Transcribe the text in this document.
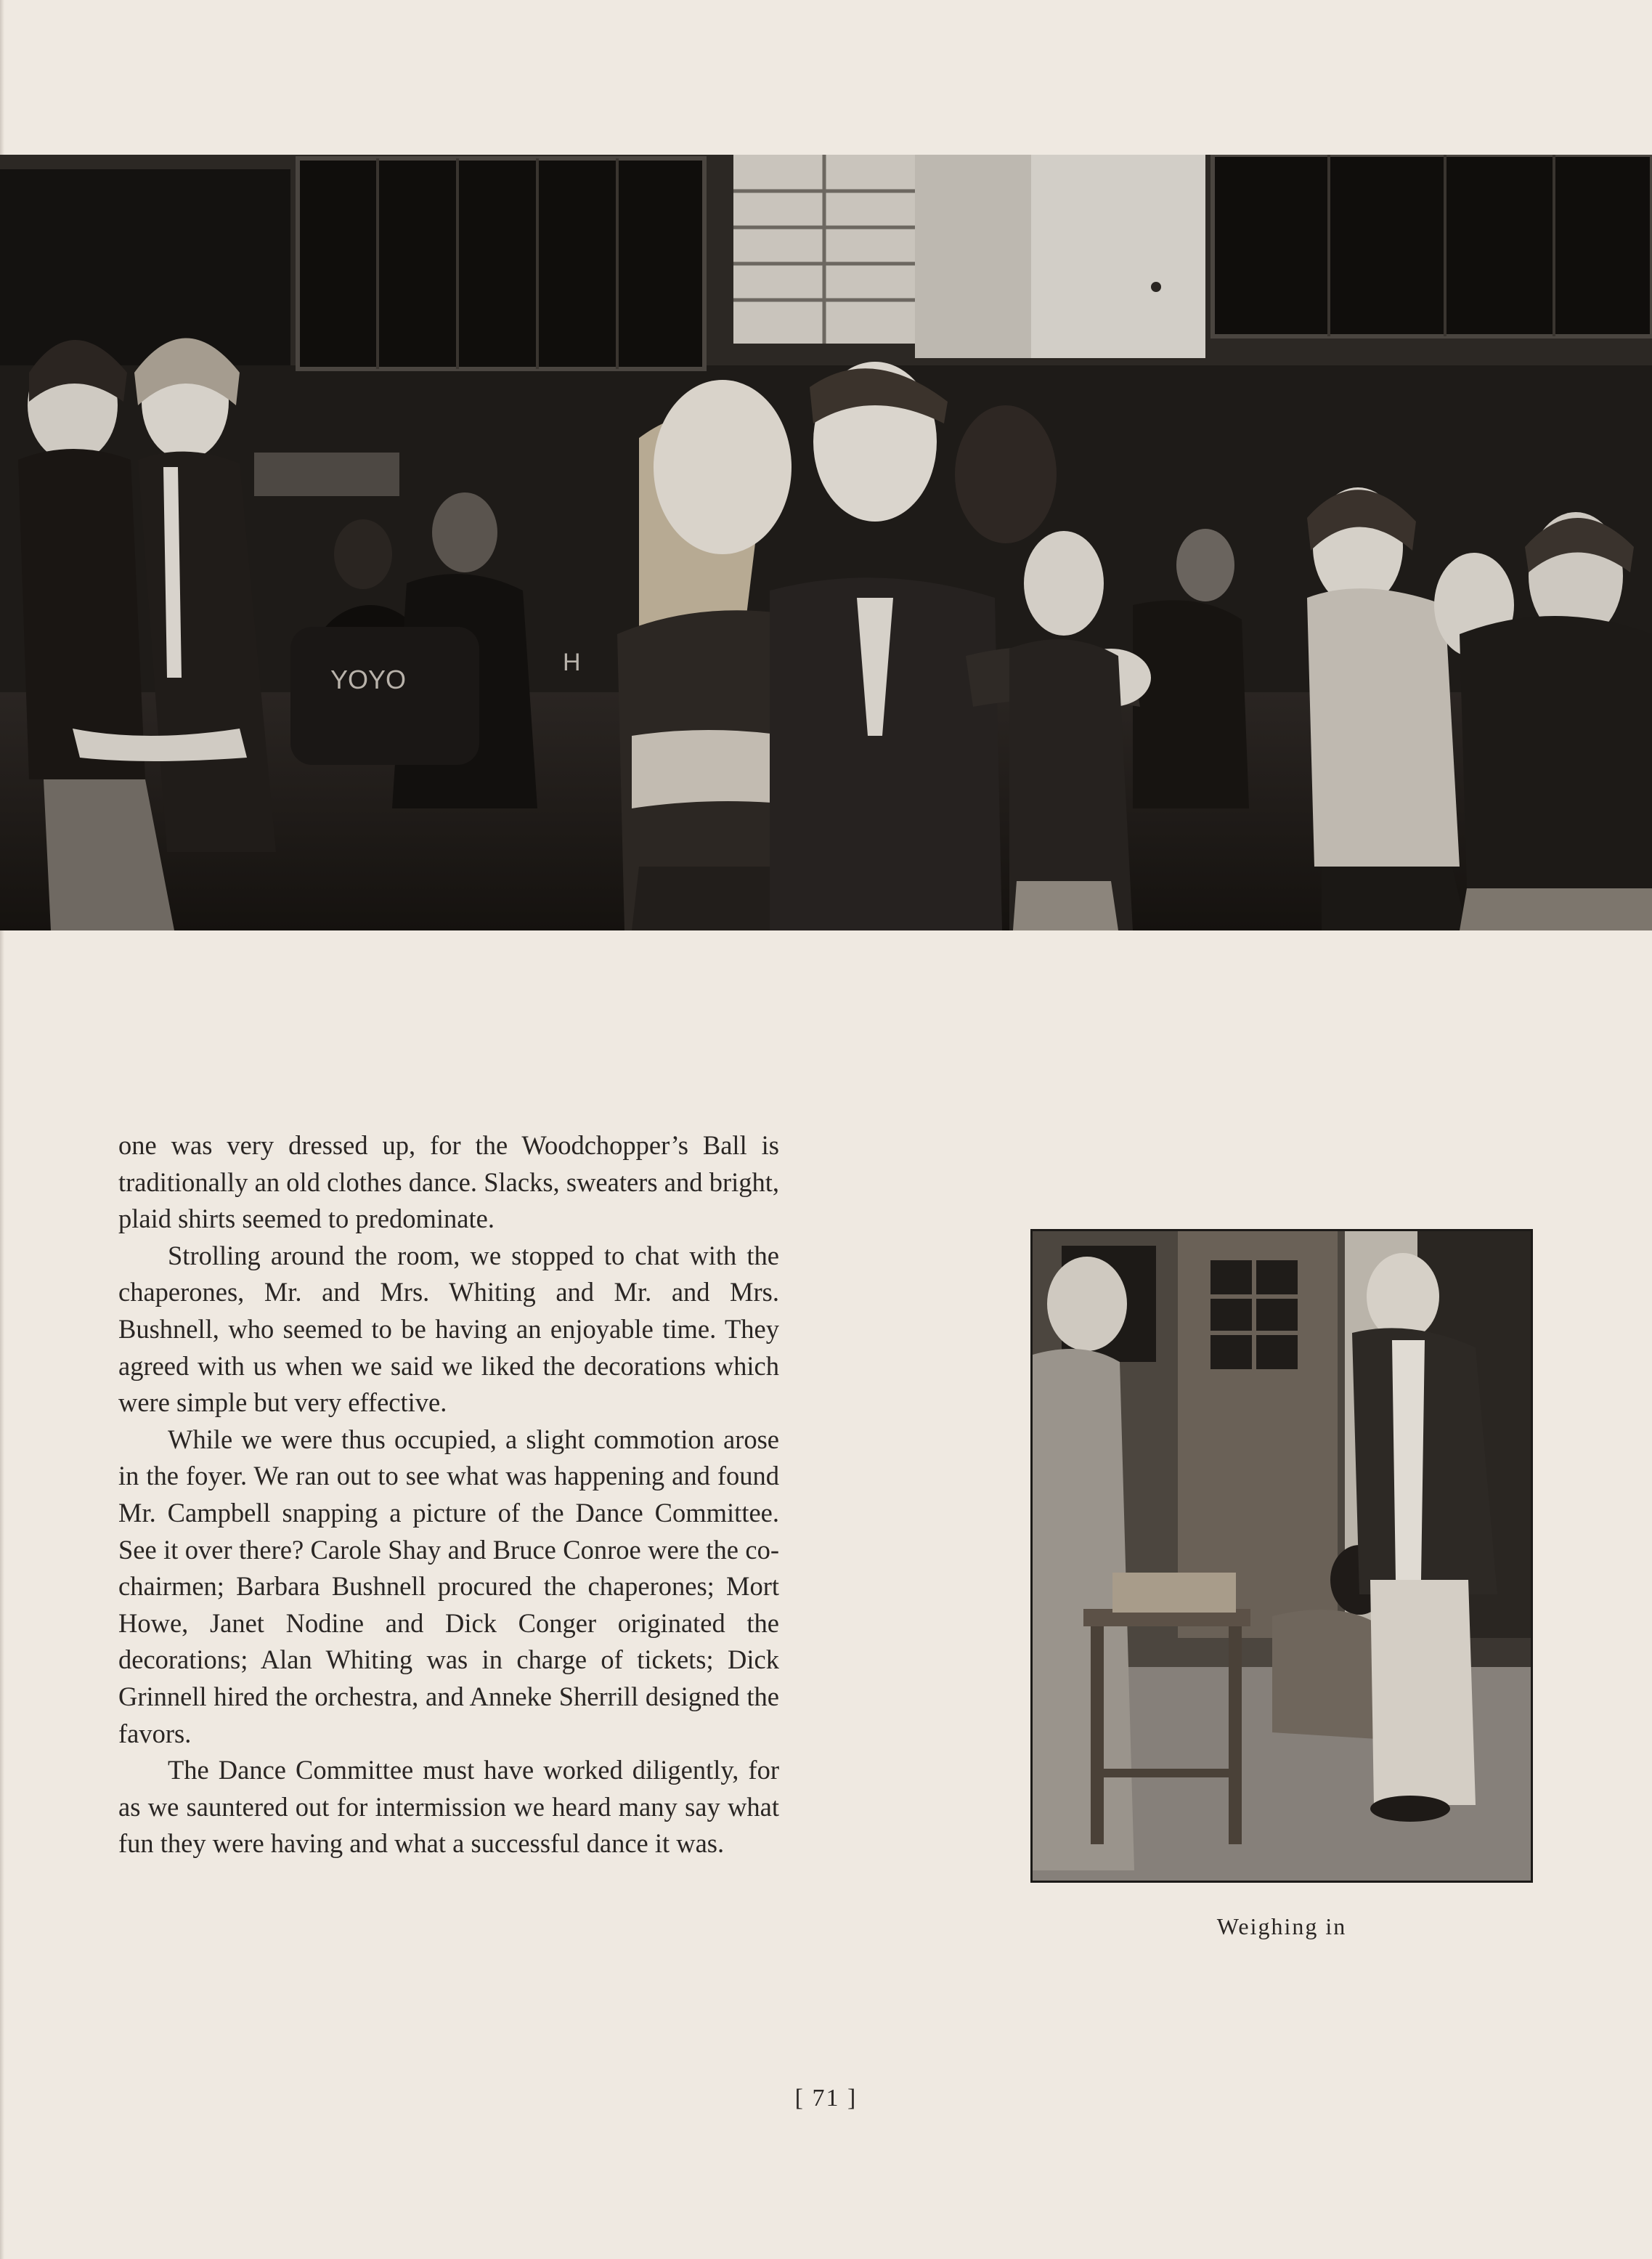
YOYO
H

one was very dressed up, for the Woodchopper’s Ball is traditionally an old clothes dance. Slacks, sweaters and bright, plaid shirts seemed to predominate.

Strolling around the room, we stopped to chat with the chaperones, Mr. and Mrs. Whiting and Mr. and Mrs. Bushnell, who seemed to be having an enjoyable time. They agreed with us when we said we liked the decorations which were simple but very effective.

While we were thus occupied, a slight commotion arose in the foyer. We ran out to see what was happening and found Mr. Campbell snapping a picture of the Dance Committee. See it over there? Carole Shay and Bruce Conroe were the co-chairmen; Barbara Bushnell procured the chaperones; Mort Howe, Janet Nodine and Dick Conger originated the decorations; Alan Whiting was in charge of tickets; Dick Grinnell hired the orchestra, and Anneke Sherrill designed the favors.

The Dance Committee must have worked diligently, for as we sauntered out for intermission we heard many say what fun they were having and what a successful dance it was.

Weighing in
[ 71 ]
